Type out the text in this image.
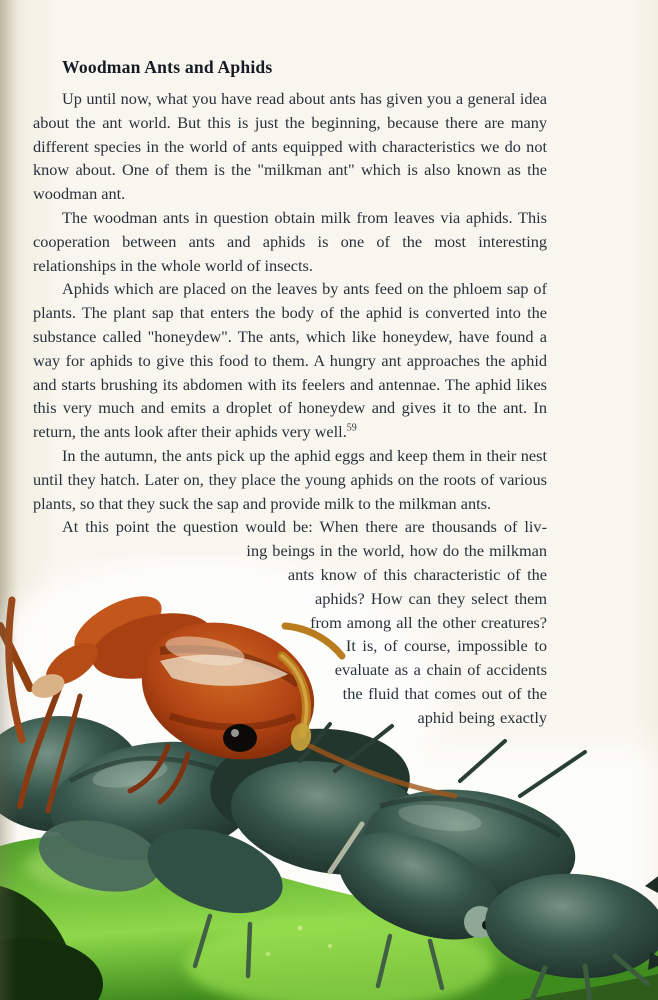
Woodman Ants and Aphids

Up until now, what you have read about ants has given you a general idea about the ant world. But this is just the beginning, because there are many different species in the world of ants equipped with characteristics we do not know about. One of them is the "milkman ant" which is also known as the woodman ant.

The woodman ants in question obtain milk from leaves via aphids. This cooperation between ants and aphids is one of the most interesting relationships in the whole world of insects.

Aphids which are placed on the leaves by ants feed on the phloem sap of plants. The plant sap that enters the body of the aphid is converted into the substance called "honeydew". The ants, which like honeydew, have found a way for aphids to give this food to them. A hungry ant approaches the aphid and starts brushing its abdomen with its feelers and antennae. The aphid likes this very much and emits a droplet of honeydew and gives it to the ant. In return, the ants look after their aphids very well.$^{59}$

In the autumn, the ants pick up the aphid eggs and keep them in their nest until they hatch. Later on, they place the young aphids on the roots of various plants, so that they suck the sap and provide milk to the milkman ants.

At this point the question would be: When there are thousands of liv-
ing beings in the world, how do the milkman
ants know of this characteristic of the
aphids? How can they select them
from among all the other creatures?
It is, of course, impossible to
evaluate as a chain of accidents
the fluid that comes out of the
aphid being exactly
